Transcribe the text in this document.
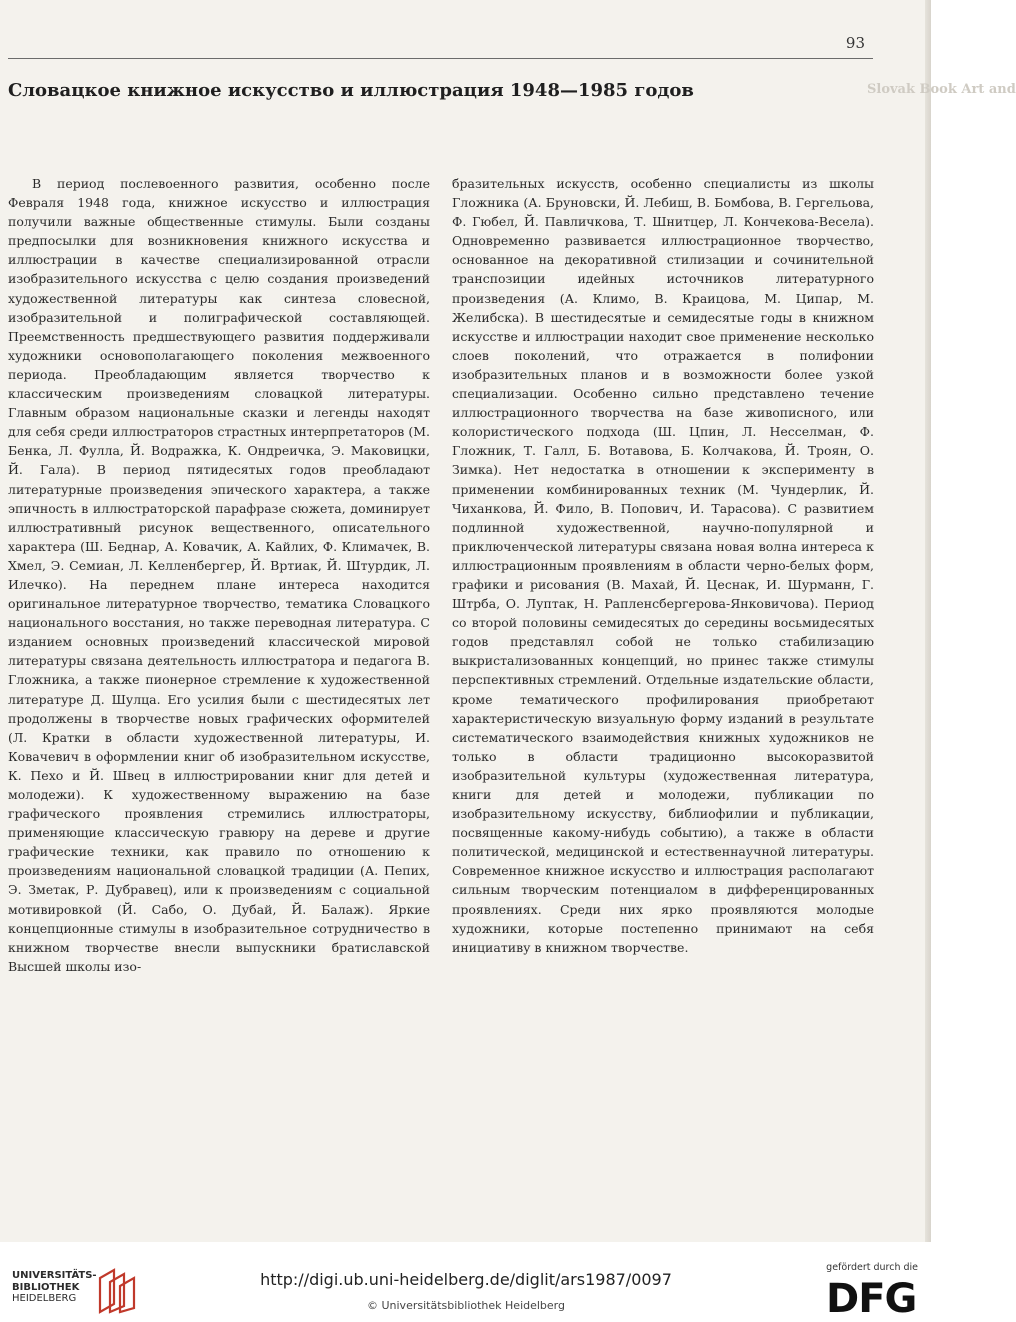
93
Словацкое книжное искусство и иллюстрация 1948—1985 годов	Slovak Book Art and

В период послевоенного развития, особенно после Февраля 1948 года, книжное искусство и иллюстрация получили важные общественные стимулы. Были созданы предпосылки для возникновения книжного искусства и иллюстрации в качестве специализированной отрасли изобразительного искусства с целю создания произведений художественной литературы как синтеза словесной, изобразительной и полиграфической составляющей. Преемственность предшествующего развития поддерживали художники основополагающего поколения межвоенного периода. Преобладающим является творчество к классическим произведениям словацкой литературы. Главным образом национальные сказки и легенды находят для себя среди иллюстраторов страстных интерпретаторов (М. Бенка, Л. Фулла, Й. Водражка, К. Ондреичка, Э. Маковицки, Й. Гала). В период пятидесятых годов преобладают литературные произведения эпического характера, а также эпичность в иллюстраторской парафразе сюжета, доминирует иллюстративный рисунок вещественного, описательного характера (Ш. Беднар, А. Ковачик, А. Кайлих, Ф. Климачек, В. Хмел, Э. Семиан, Л. Келленбергер, Й. Вртиак, Й. Штурдик, Л. Илечко). На переднем плане интереса находится оригинальное литературное творчество, тематика Словацкого национального восстания, но также переводная литература. С изданием основных произведений классической мировой литературы связана деятельность иллюстратора и педагога В. Гложника, а также пионерное стремление к художественной литературе Д. Шулца. Его усилия были с шестидесятых лет продолжены в творчестве новых графических оформителей (Л. Кратки в области художественной литературы, И. Ковачевич в оформлении книг об изобразительном искусстве, К. Пехо и Й. Швец в иллюстрировании книг для детей и молодежи). К художественному выражению на базе графического проявления стремились иллюстраторы, применяющие классическую гравюру на дереве и другие графические техники, как правило по отношению к произведениям национальной словацкой традиции (А. Пепих, Э. Зметак, Р. Дубравец), или к произведениям с социальной мотивировкой (Й. Сабо, О. Дубай, Й. Балаж). Яркие концепционные стимулы в изобразительное сотрудничество в книжном творчестве внесли выпускники братиславской Высшей школы изо-

бразительных искусств, особенно специалисты из школы Гложника (А. Бруновски, Й. Лебиш, В. Бомбова, В. Гергельова, Ф. Гюбел, Й. Павличкова, Т. Шнитцер, Л. Кончекова-Весела). Одновременно развивается иллюстрационное творчество, основанное на декоративной стилизации и сочинительной транспозиции идейных источников литературного произведения (А. Климо, В. Краицова, М. Ципар, М. Желибска). В шестидесятые и семидесятые годы в книжном искусстве и иллюстрации находит свое применение несколько слоев поколений, что отражается в полифонии изобразительных планов и в возможности более узкой специализации. Особенно сильно представлено течение иллюстрационного творчества на базе живописного, или колористического подхода (Ш. Цпин, Л. Несселман, Ф. Гложник, Т. Галл, Б. Вотавова, Б. Колчакова, Й. Троян, О. Зимка). Нет недостатка в отношении к эксперименту в применении комбинированных техник (М. Чундерлик, Й. Чиханкова, Й. Фило, В. Попович, И. Тарасова). С развитием подлинной художественной, научно-популярной и приключенческой литературы связана новая волна интереса к иллюстрационным проявлениям в области черно-белых форм, графики и рисования (В. Махай, Й. Цеснак, И. Шурманн, Г. Штрба, О. Луптак, Н. Рапленсбергерова-Янковичова). Период со второй половины семидесятых до середины восьмидесятых годов представлял собой не только стабилизацию выкристализованных концепций, но принес также стимулы перспективных стремлений. Отдельные издательские области, кроме тематического профилирования приобретают характеристическую визуальную форму изданий в результате систематического взаимодействия книжных художников не только в области традиционно высокоразвитой изобразительной культуры (художественная литература, книги для детей и молодежи, публикации по изобразительному искусству, библиофилии и публикации, посвященные какому-нибудь событию), а также в области политической, медицинской и естественнаучной литературы. Современное книжное искусство и иллюстрация располагают сильным творческим потенциалом в дифференцированных проявлениях. Среди них ярко проявляются молодые художники, которые постепенно принимают на себя инициативу в книжном творчестве.

UNIVERSITÄTS-
BIBLIOTHEK
HEIDELBERG
http://digi.ub.uni-heidelberg.de/diglit/ars1987/0097
© Universitätsbibliothek Heidelberg
gefördert durch die
DFG
